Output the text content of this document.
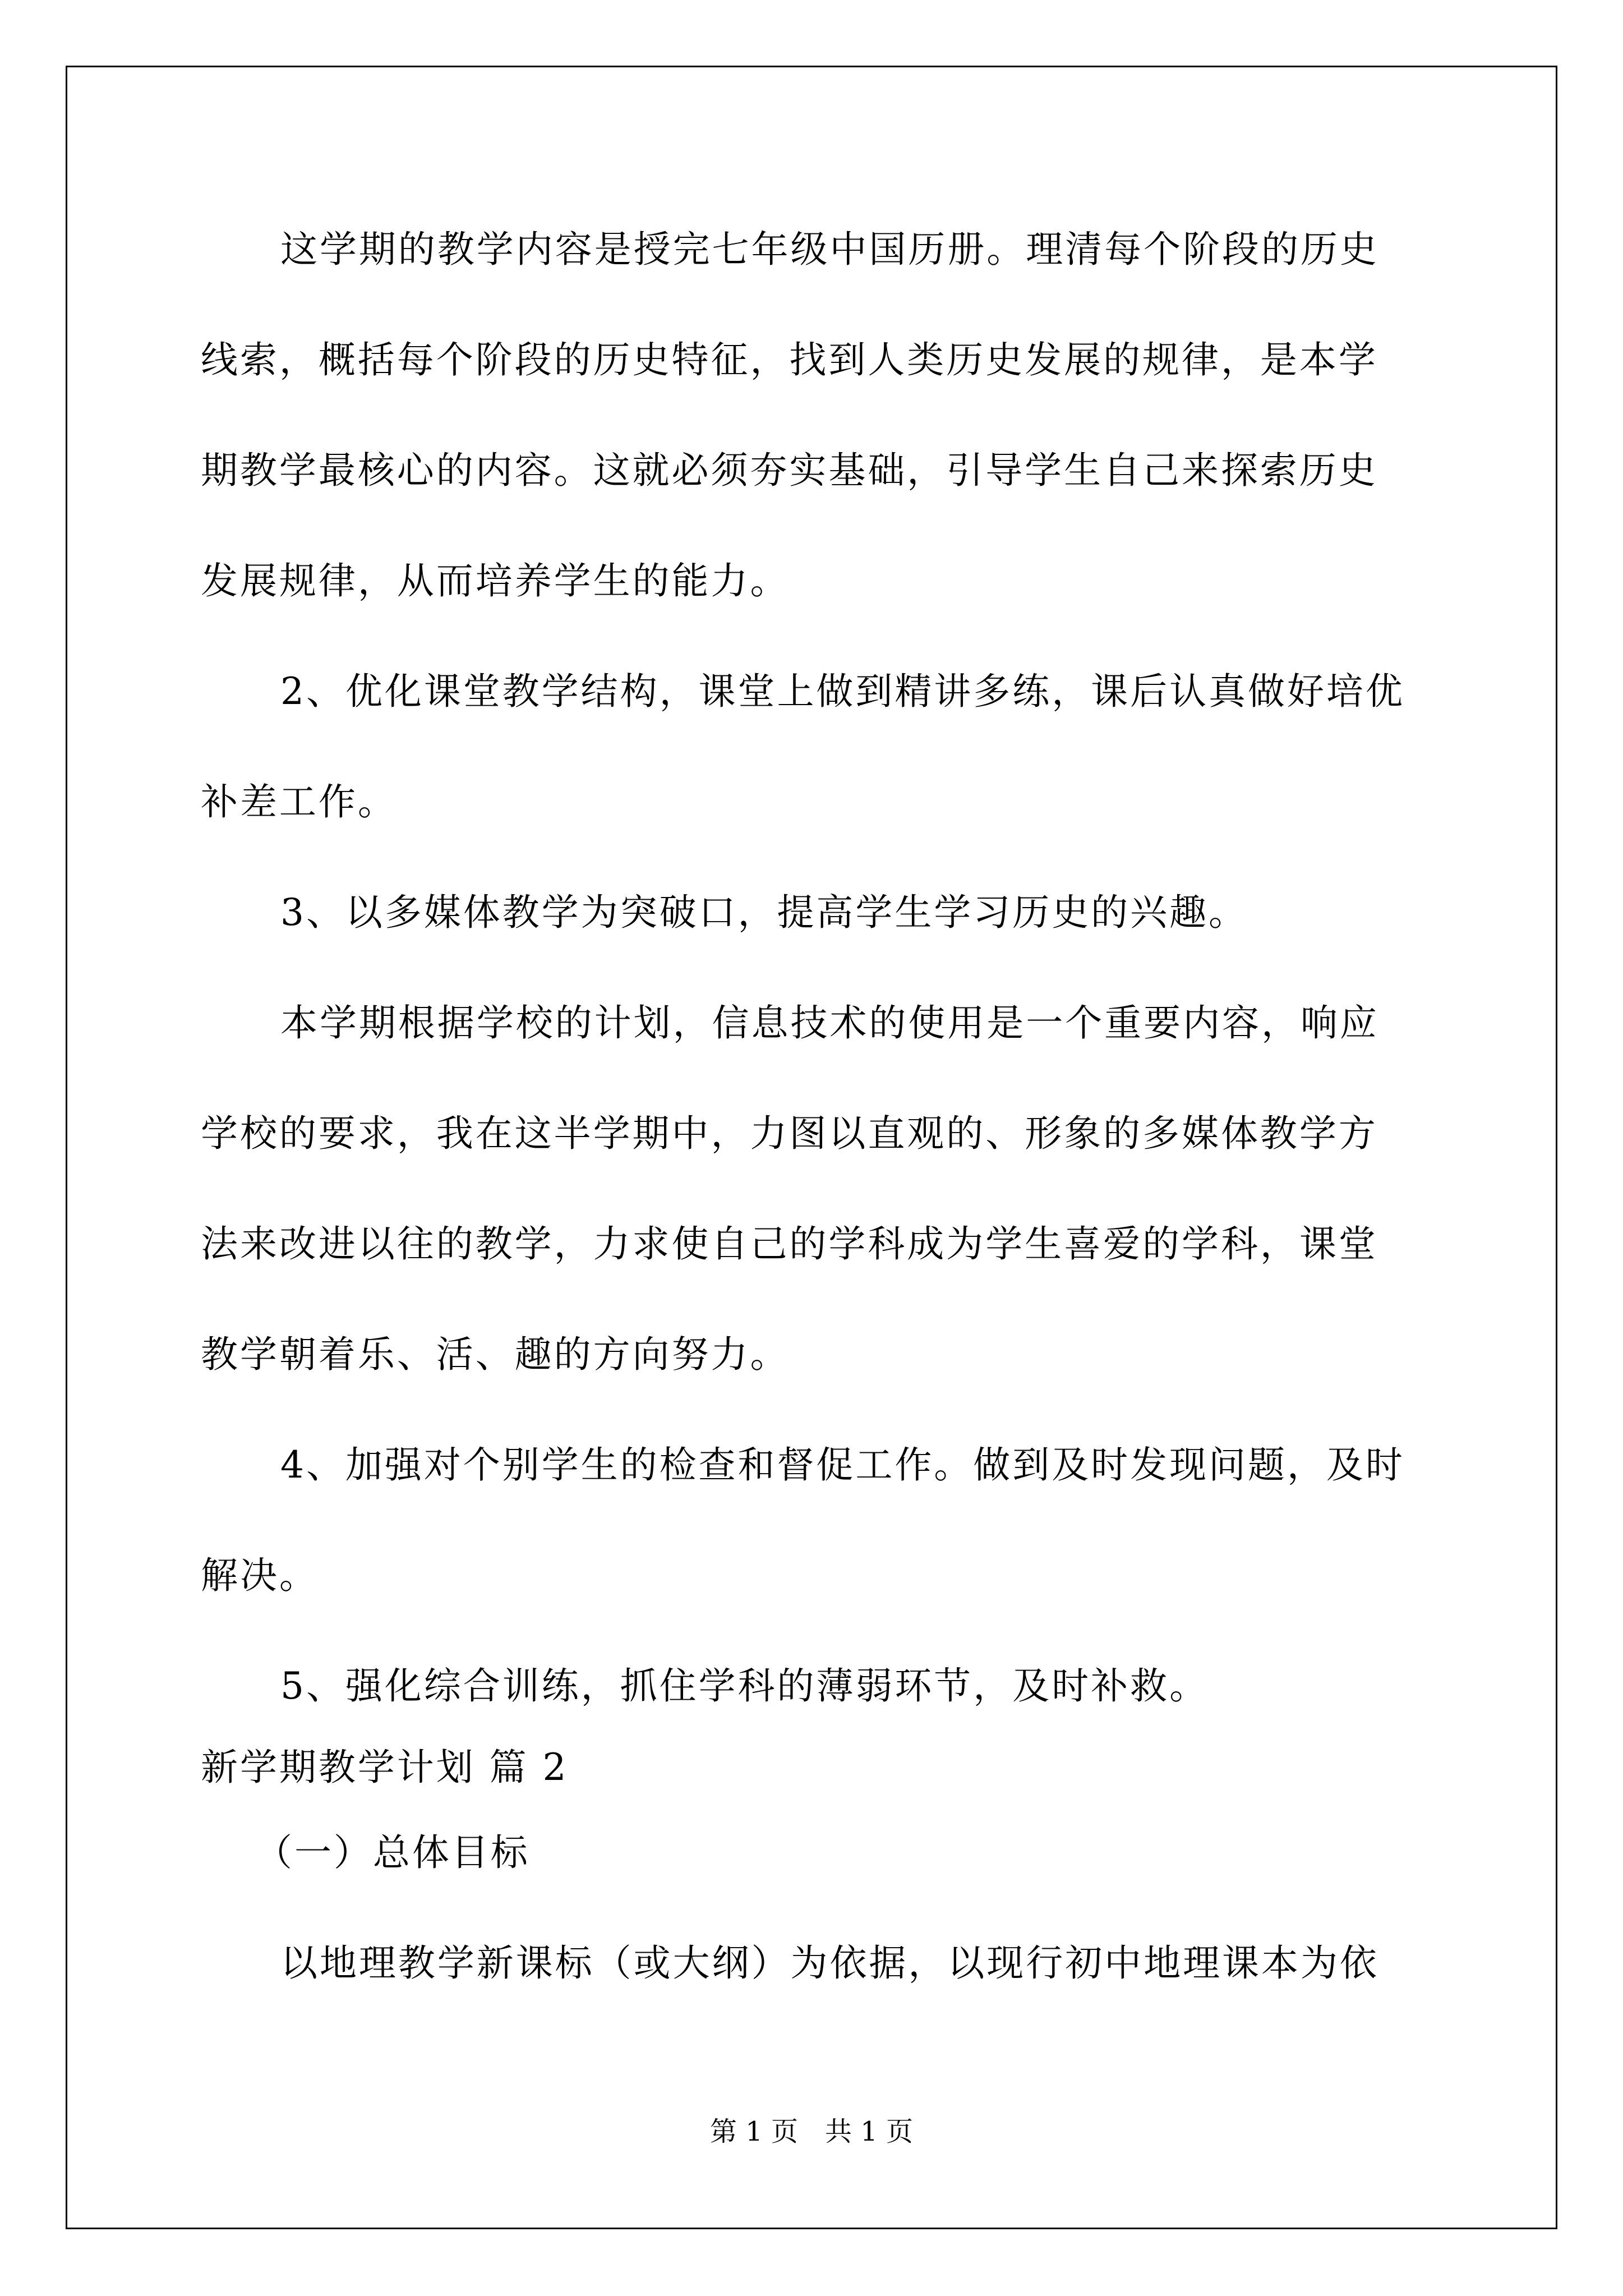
这学期的教学内容是授完七年级中国历册。理清每个阶段的历史
线索，概括每个阶段的历史特征，找到人类历史发展的规律，是本学
期教学最核心的内容。这就必须夯实基础，引导学生自己来探索历史
发展规律，从而培养学生的能力。
2、优化课堂教学结构，课堂上做到精讲多练，课后认真做好培优
补差工作。
3、以多媒体教学为突破口，提高学生学习历史的兴趣。
本学期根据学校的计划，信息技术的使用是一个重要内容，响应
学校的要求，我在这半学期中，力图以直观的、形象的多媒体教学方
法来改进以往的教学，力求使自己的学科成为学生喜爱的学科，课堂
教学朝着乐、活、趣的方向努力。
4、加强对个别学生的检查和督促工作。做到及时发现问题，及时
解决。
5、强化综合训练，抓住学科的薄弱环节，及时补救。
新学期教学计划 篇 2
（一）总体目标
以地理教学新课标（或大纲）为依据，以现行初中地理课本为依
第 1 页　共 1 页
